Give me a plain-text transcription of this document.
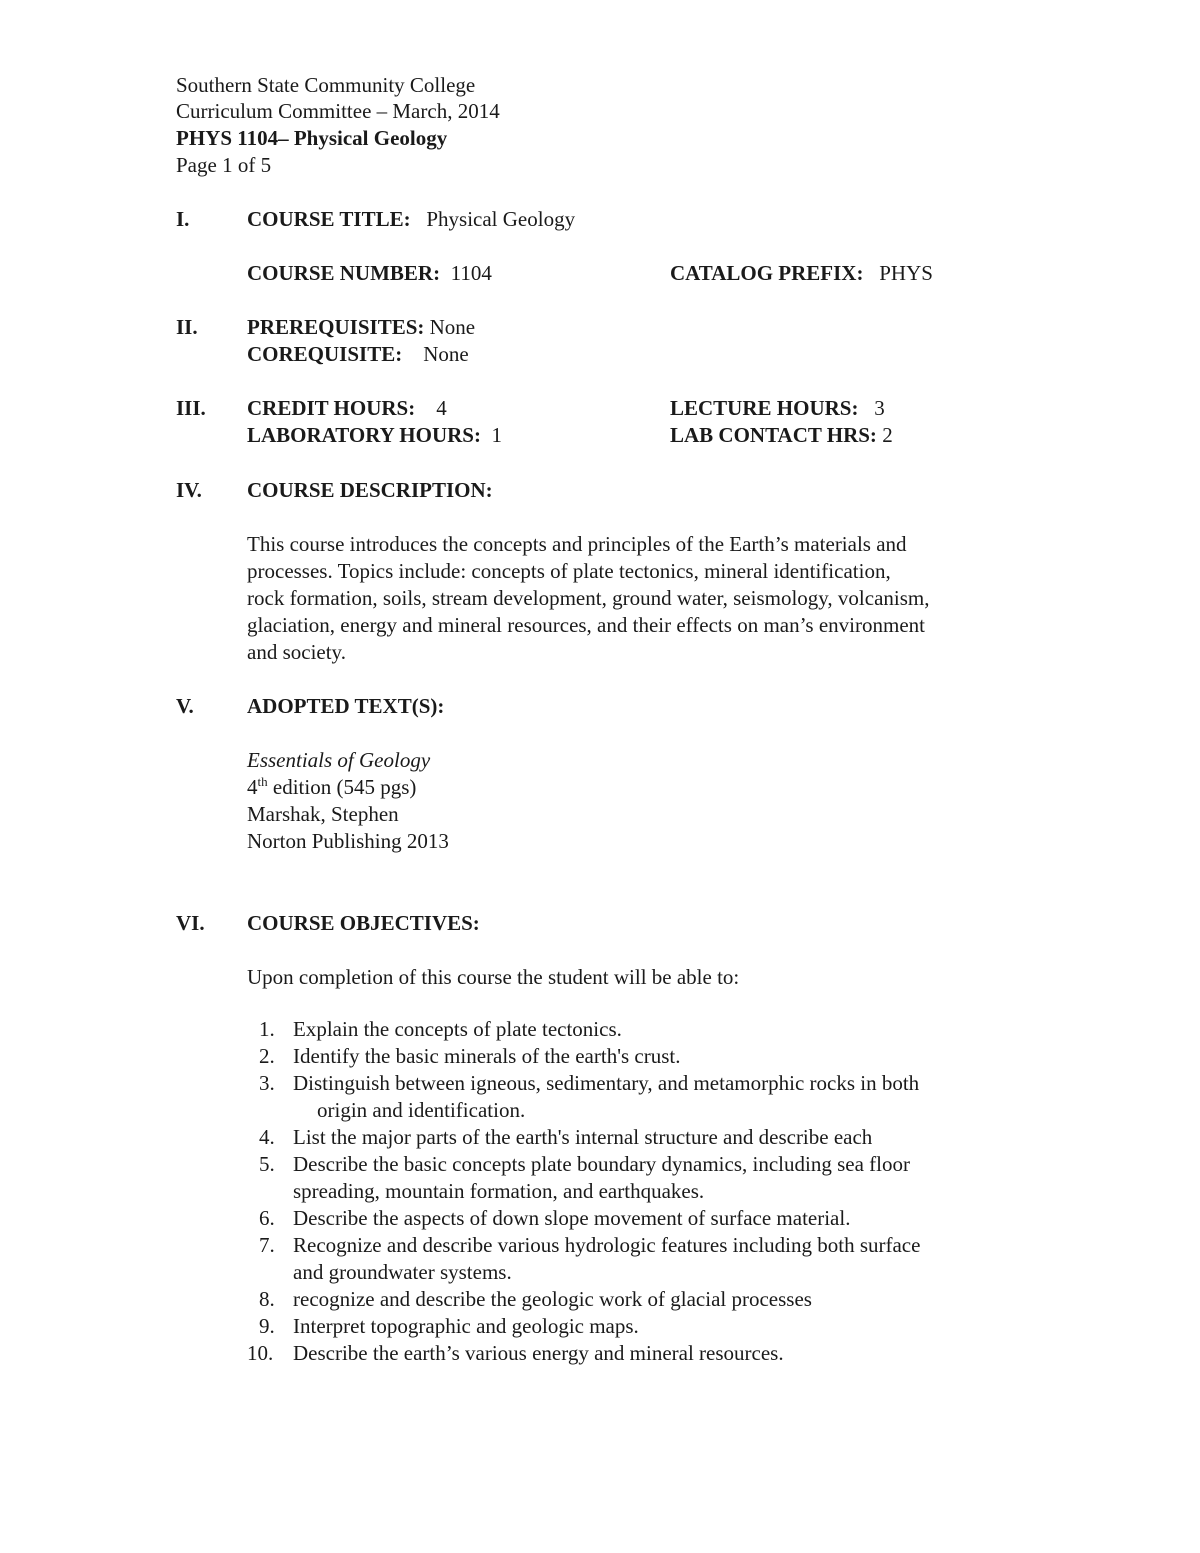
Southern State Community College
Curriculum Committee – March, 2014
PHYS 1104– Physical Geology
Page 1 of 5
I.	COURSE TITLE: Physical Geology
COURSE NUMBER: 1104	CATALOG PREFIX: PHYS
II. PREREQUISITES: None
COREQUISITE: None
III. CREDIT HOURS: 4	LECTURE HOURS: 3
LABORATORY HOURS: 1	LAB CONTACT HRS: 2
IV. COURSE DESCRIPTION:
This course introduces the concepts and principles of the Earth’s materials and
processes. Topics include: concepts of plate tectonics, mineral identification,
rock formation, soils, stream development, ground water, seismology, volcanism,
glaciation, energy and mineral resources, and their effects on man’s environment
and society.
V.	ADOPTED TEXT(S):
Essentials of Geology
4th edition (545 pgs)
Marshak, Stephen
Norton Publishing 2013
VI. COURSE OBJECTIVES:
Upon completion of this course the student will be able to:
1. Explain the concepts of plate tectonics.
2. Identify the basic minerals of the earth's crust.
3. Distinguish between igneous, sedimentary, and metamorphic rocks in both
origin and identification.
4. List the major parts of the earth's internal structure and describe each
5. Describe the basic concepts plate boundary dynamics, including sea floor
spreading, mountain formation, and earthquakes.
6. Describe the aspects of down slope movement of surface material.
7. Recognize and describe various hydrologic features including both surface
and groundwater systems.
8. recognize and describe the geologic work of glacial processes
9. Interpret topographic and geologic maps.
10. Describe the earth’s various energy and mineral resources.
